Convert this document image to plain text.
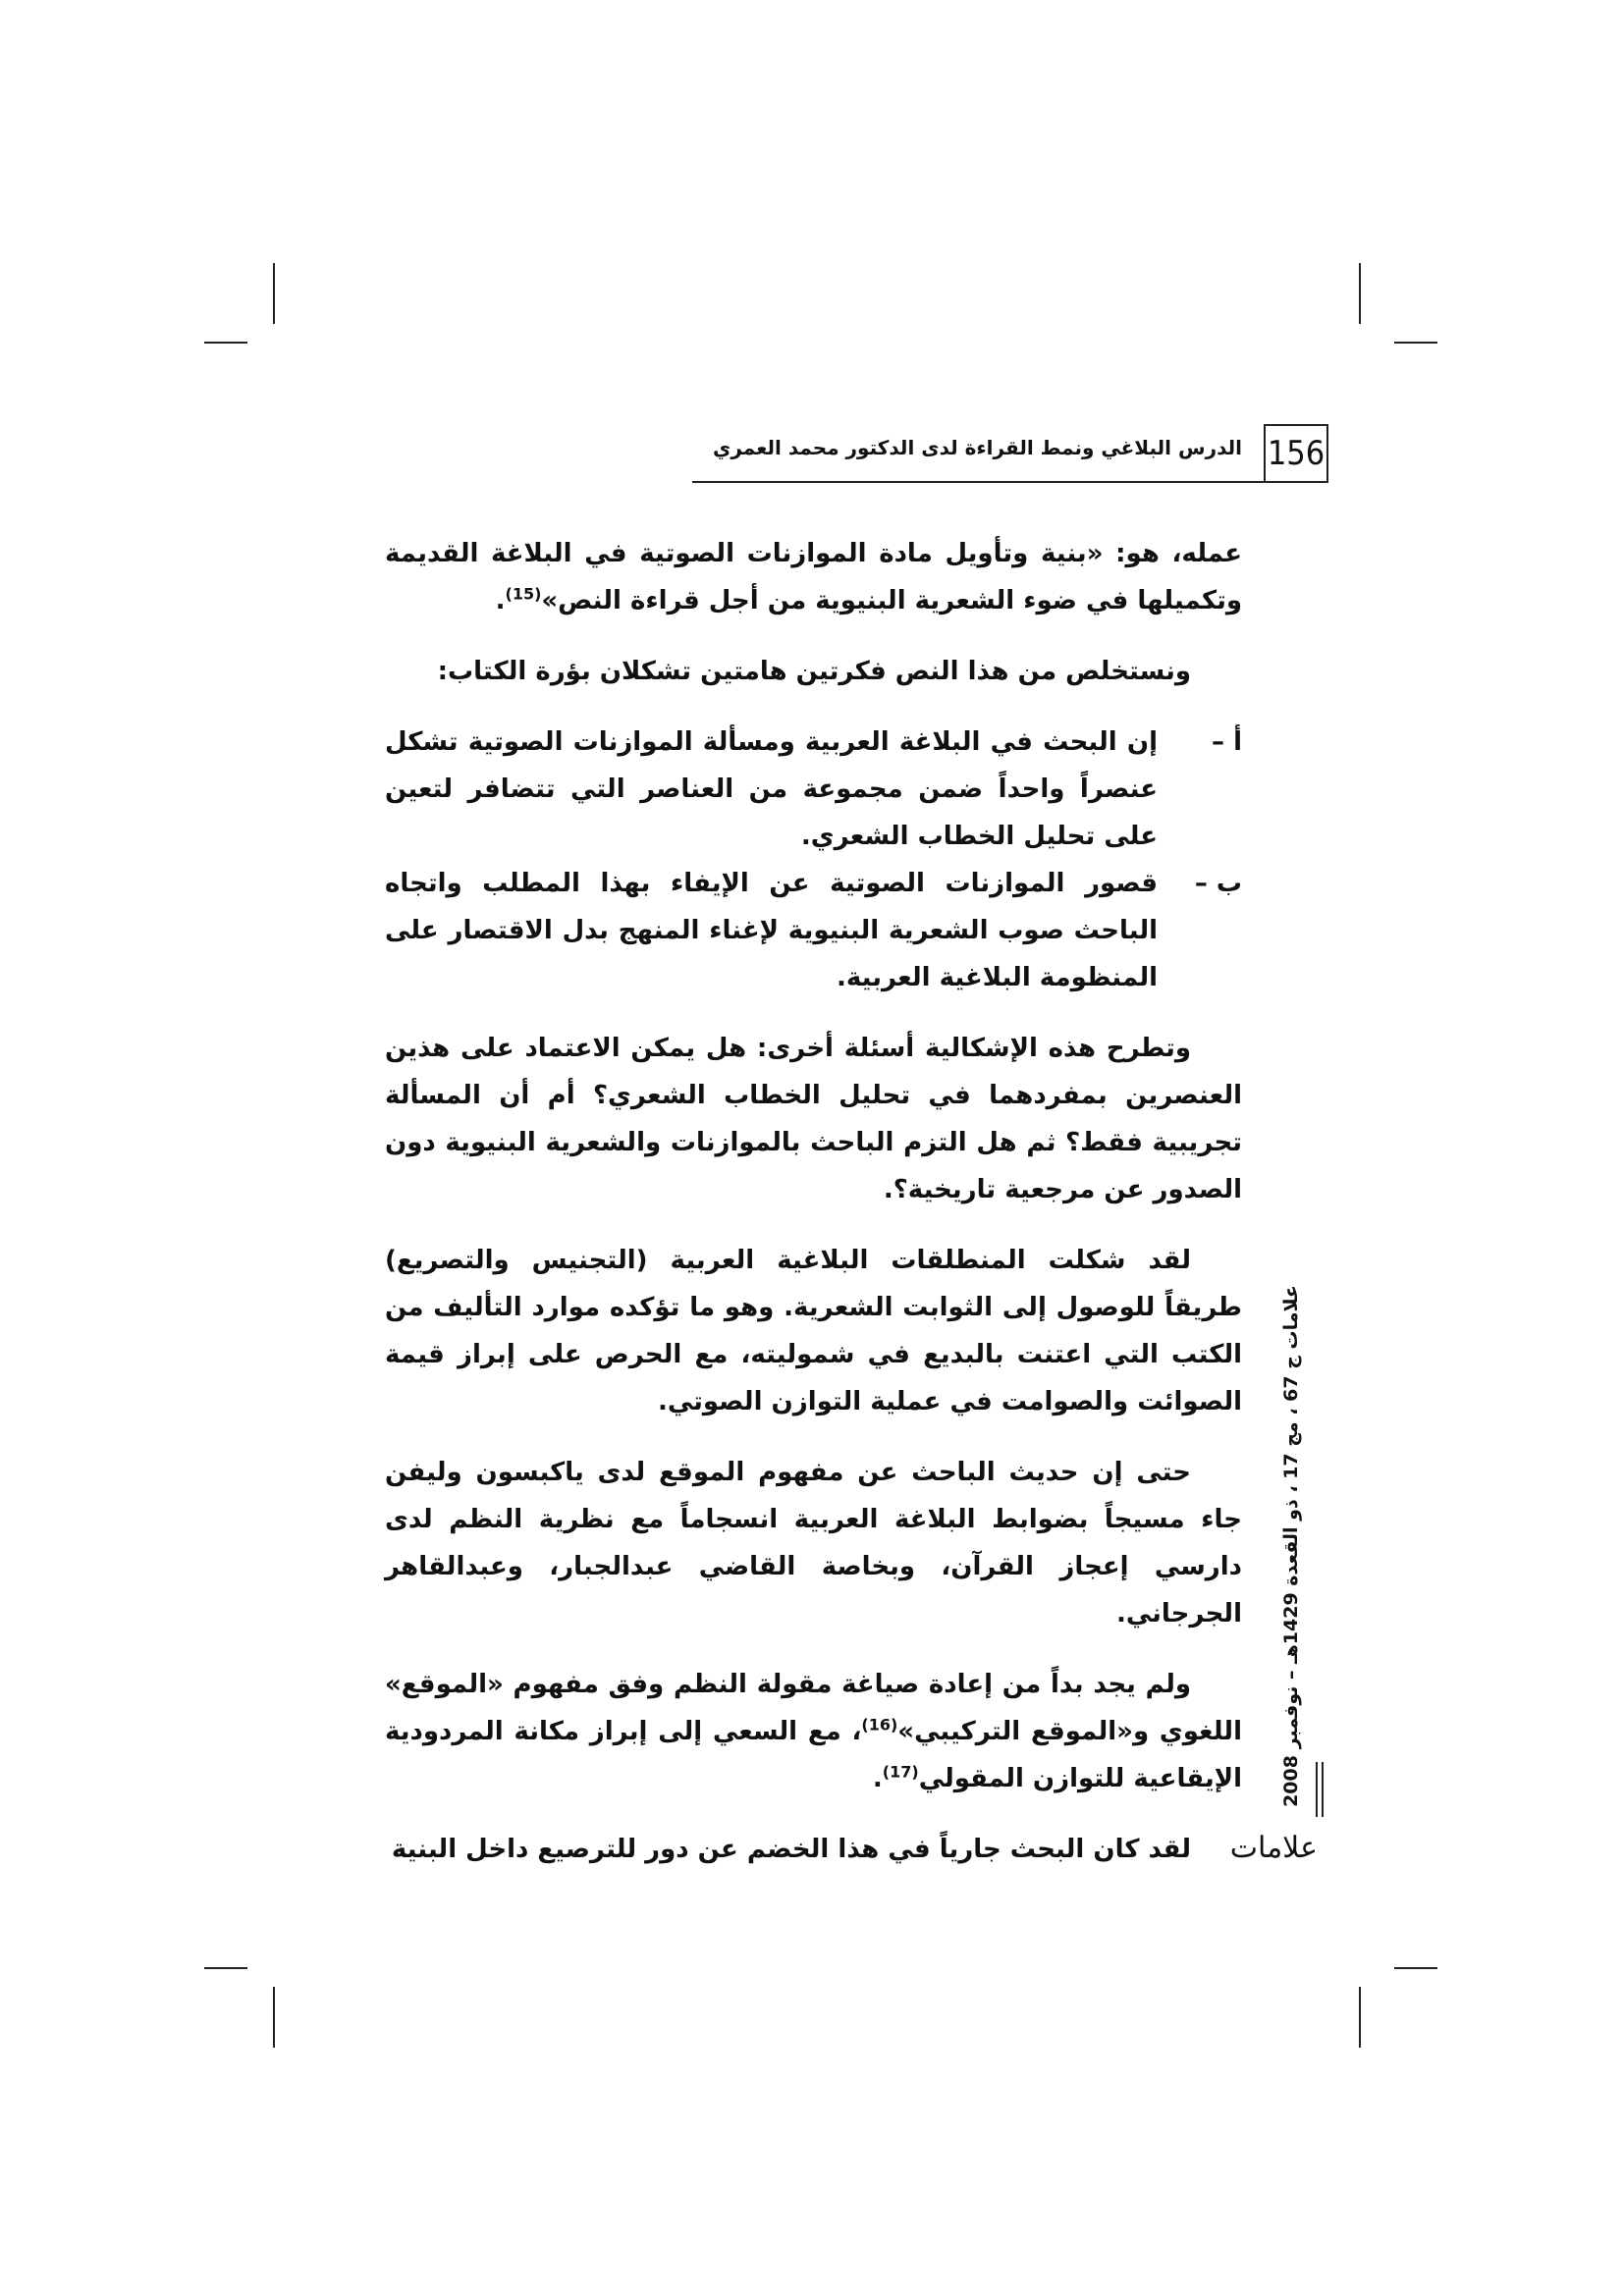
الدرس البلاغي ونمط القراءة لدى الدكتور محمد العمري 156

عمله، هو: «بنية وتأويل مادة الموازنات الصوتية في البلاغة القديمة وتكميلها في ضوء الشعرية البنيوية من أجل قراءة النص»$^{(15)}$.

ونستخلص من هذا النص فكرتين هامتين تشكلان بؤرة الكتاب:

أ –
إن البحث في البلاغة العربية ومسألة الموازنات الصوتية تشكل عنصراً واحداً ضمن مجموعة من العناصر التي تتضافر لتعين على تحليل الخطاب الشعري.
ب –
قصور الموازنات الصوتية عن الإيفاء بهذا المطلب واتجاه الباحث صوب الشعرية البنيوية لإغناء المنهج بدل الاقتصار على المنظومة البلاغية العربية.

وتطرح هذه الإشكالية أسئلة أخرى: هل يمكن الاعتماد على هذين العنصرين بمفردهما في تحليل الخطاب الشعري؟ أم أن المسألة تجريبية فقط؟ ثم هل التزم الباحث بالموازنات والشعرية البنيوية دون الصدور عن مرجعية تاريخية؟.

لقد شكلت المنطلقات البلاغية العربية (التجنيس والتصريع) طريقاً للوصول إلى الثوابت الشعرية. وهو ما تؤكده موارد التأليف من الكتب التي اعتنت بالبديع في شموليته، مع الحرص على إبراز قيمة الصوائت والصوامت في عملية التوازن الصوتي.

حتى إن حديث الباحث عن مفهوم الموقع لدى ياكبسون وليفن جاء مسيجاً بضوابط البلاغة العربية انسجاماً مع نظرية النظم لدى دارسي إعجاز القرآن، وبخاصة القاضي عبدالجبار، وعبدالقاهر الجرجاني.

ولم يجد بداً من إعادة صياغة مقولة النظم وفق مفهوم «الموقع» اللغوي و«الموقع التركيبي»$^{(16)}$، مع السعي إلى إبراز مكانة المردودية الإيقاعية للتوازن المقولي$^{(17)}$.

لقد كان البحث جارياً في هذا الخضم عن دور للترصيع داخل البنية

علامات ج 67 ، مج 17 ، ذو القعدة 1429هـ – نوفمبر 2008
علامات
